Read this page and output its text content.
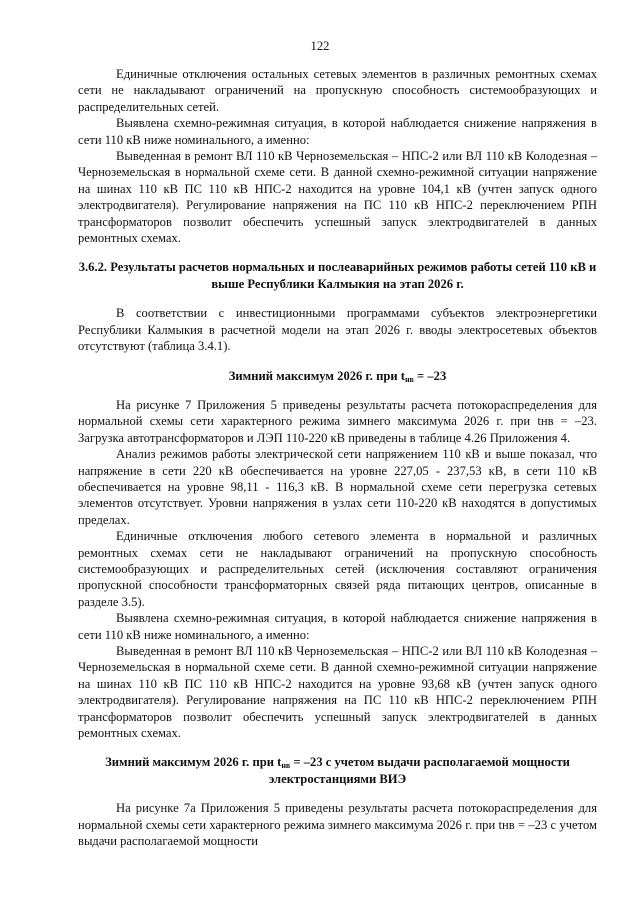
122

Единичные отключения остальных сетевых элементов в различных ремонтных схемах сети не накладывают ограничений на пропускную способность системообразующих и распределительных сетей.

Выявлена схемно-режимная ситуация, в которой наблюдается снижение напряжения в сети 110 кВ ниже номинального, а именно:

Выведенная в ремонт ВЛ 110 кВ Черноземельская – НПС-2 или ВЛ 110 кВ Колодезная – Черноземельская в нормальной схеме сети. В данной схемно-режимной ситуации напряжение на шинах 110 кВ ПС 110 кВ НПС-2 находится на уровне 104,1 кВ (учтен запуск одного электродвигателя). Регулирование напряжения на ПС 110 кВ НПС-2 переключением РПН трансформаторов позволит обеспечить успешный запуск электродвигателей в данных ремонтных схемах.

3.6.2. Результаты расчетов нормальных и послеаварийных режимов работы сетей 110 кВ и выше Республики Калмыкия на этап 2026 г.

В соответствии с инвестиционными программами субъектов электроэнергетики Республики Калмыкия в расчетной модели на этап 2026 г. вводы электросетевых объектов отсутствуют (таблица 3.4.1).

Зимний максимум 2026 г. при $t_{нв} = -23$

На рисунке 7 Приложения 5 приведены результаты расчета потокораспределения для нормальной схемы сети характерного режима зимнего максимума 2026 г. при tнв = –23. Загрузка автотрансформаторов и ЛЭП 110-220 кВ приведены в таблице 4.26 Приложения 4.

Анализ режимов работы электрической сети напряжением 110 кВ и выше показал, что напряжение в сети 220 кВ обеспечивается на уровне 227,05 - 237,53 кВ, в сети 110 кВ обеспечивается на уровне 98,11 - 116,3 кВ. В нормальной схеме сети перегрузка сетевых элементов отсутствует. Уровни напряжения в узлах сети 110-220 кВ находятся в допустимых пределах.

Единичные отключения любого сетевого элемента в нормальной и различных ремонтных схемах сети не накладывают ограничений на пропускную способность системообразующих и распределительных сетей (исключения составляют ограничения пропускной способности трансформаторных связей ряда питающих центров, описанные в разделе 3.5).

Выявлена схемно-режимная ситуация, в которой наблюдается снижение напряжения в сети 110 кВ ниже номинального, а именно:

Выведенная в ремонт ВЛ 110 кВ Черноземельская – НПС-2 или ВЛ 110 кВ Колодезная – Черноземельская в нормальной схеме сети. В данной схемно-режимной ситуации напряжение на шинах 110 кВ ПС 110 кВ НПС-2 находится на уровне 93,68 кВ (учтен запуск одного электродвигателя). Регулирование напряжения на ПС 110 кВ НПС-2 переключением РПН трансформаторов позволит обеспечить успешный запуск электродвигателей в данных ремонтных схемах.

Зимний максимум 2026 г. при $t_{нв} = -23$ с учетом выдачи располагаемой мощности электростанциями ВИЭ

На рисунке 7а Приложения 5 приведены результаты расчета потокораспределения для нормальной схемы сети характерного режима зимнего максимума 2026 г. при tнв = –23 с учетом выдачи располагаемой мощности
